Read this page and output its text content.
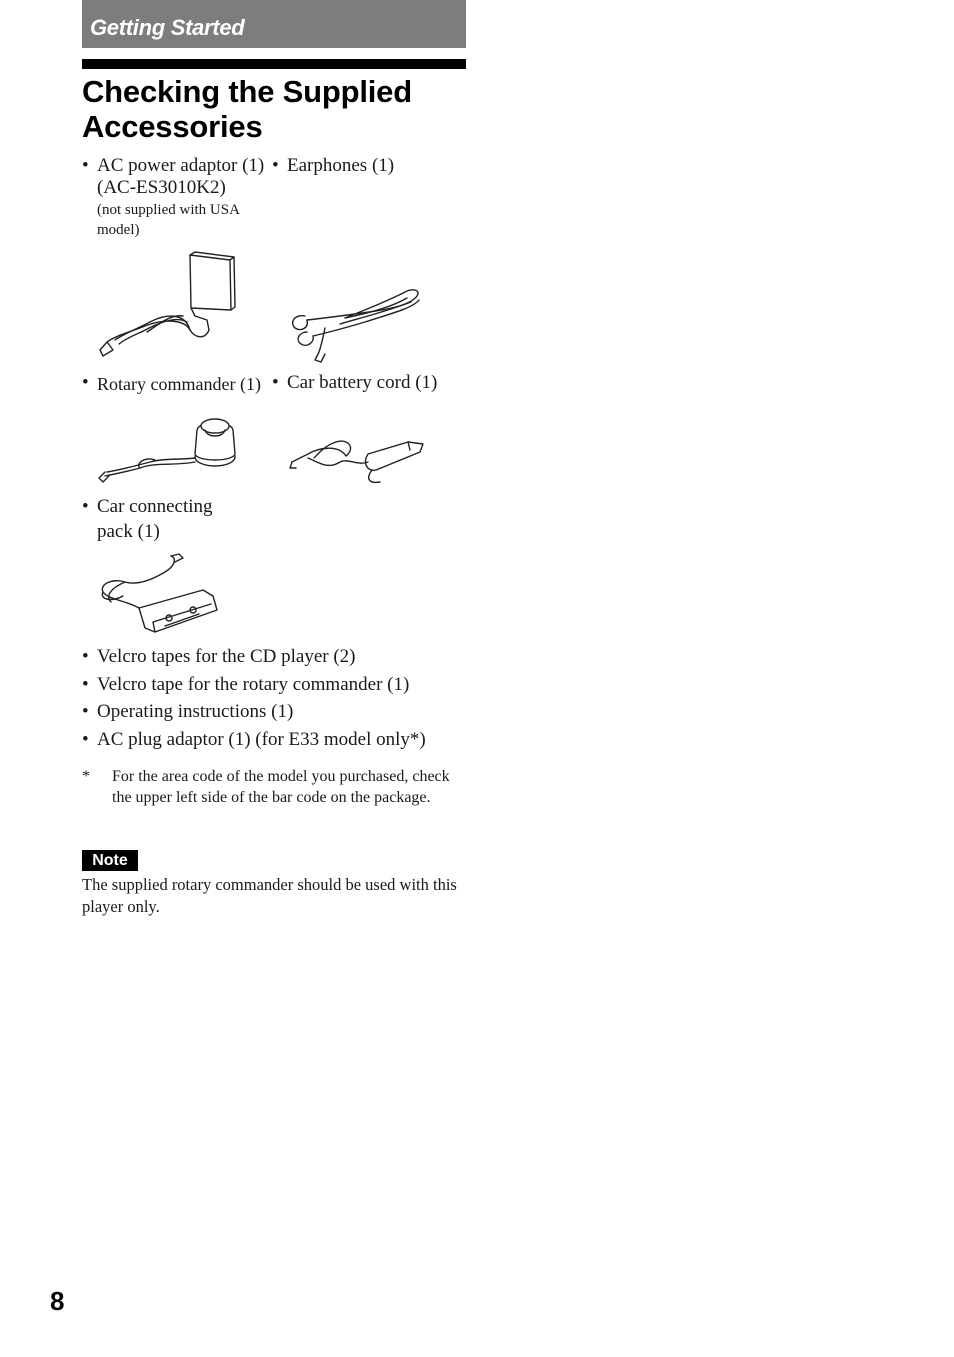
Getting Started
Checking the Supplied Accessories
• AC power adaptor (1)
(AC-ES3010K2)
(not supplied with USA
model)
• Earphones (1)
• Rotary commander (1) • Car battery cord (1)
• Car connecting
pack (1)
• Velcro tapes for the CD player (2)
• Velcro tape for the rotary commander (1)
• Operating instructions (1)
• AC plug adaptor (1) (for E33 model only*)
* For the area code of the model you purchased, check the upper left side of the bar code on the package.
Note
The supplied rotary commander should be used with this player only.
8
